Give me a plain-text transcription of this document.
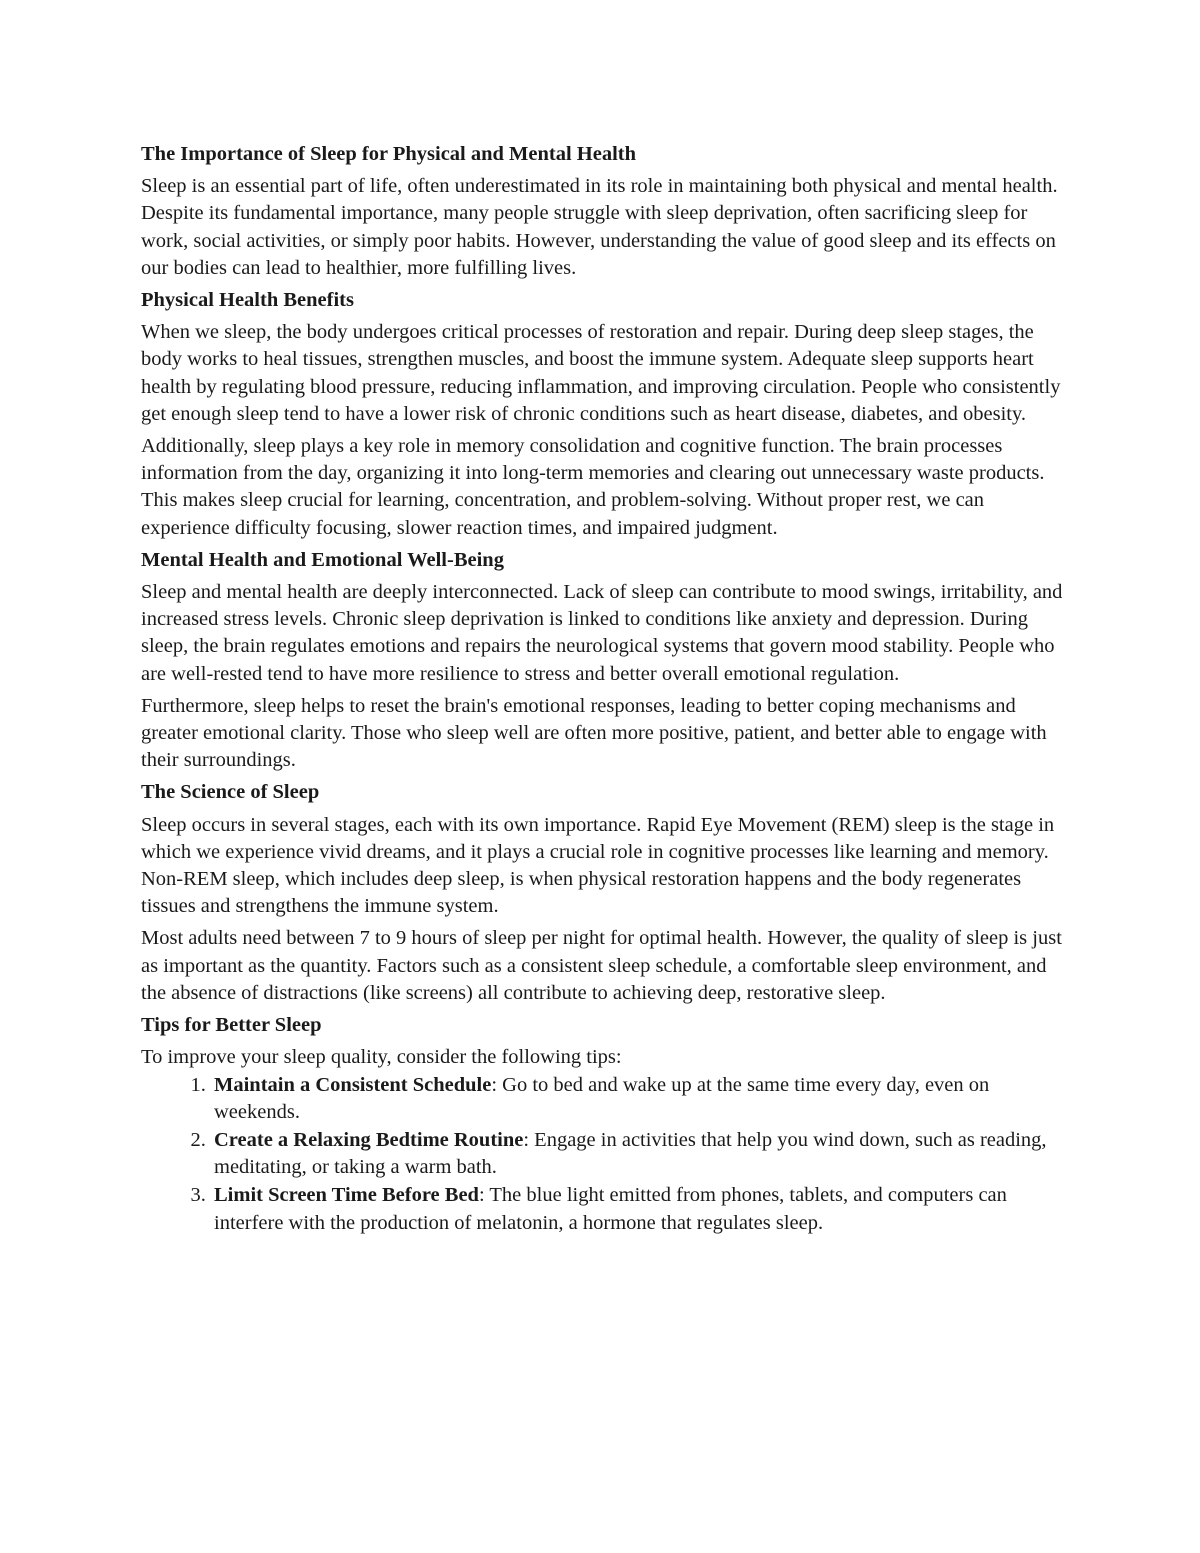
The Importance of Sleep for Physical and Mental Health

Sleep is an essential part of life, often underestimated in its role in maintaining both physical and mental health. Despite its fundamental importance, many people struggle with sleep deprivation, often sacrificing sleep for work, social activities, or simply poor habits. However, understanding the value of good sleep and its effects on our bodies can lead to healthier, more fulfilling lives.

Physical Health Benefits

When we sleep, the body undergoes critical processes of restoration and repair. During deep sleep stages, the body works to heal tissues, strengthen muscles, and boost the immune system. Adequate sleep supports heart health by regulating blood pressure, reducing inflammation, and improving circulation. People who consistently get enough sleep tend to have a lower risk of chronic conditions such as heart disease, diabetes, and obesity.

Additionally, sleep plays a key role in memory consolidation and cognitive function. The brain processes information from the day, organizing it into long-term memories and clearing out unnecessary waste products. This makes sleep crucial for learning, concentration, and problem-solving. Without proper rest, we can experience difficulty focusing, slower reaction times, and impaired judgment.

Mental Health and Emotional Well-Being

Sleep and mental health are deeply interconnected. Lack of sleep can contribute to mood swings, irritability, and increased stress levels. Chronic sleep deprivation is linked to conditions like anxiety and depression. During sleep, the brain regulates emotions and repairs the neurological systems that govern mood stability. People who are well-rested tend to have more resilience to stress and better overall emotional regulation.

Furthermore, sleep helps to reset the brain's emotional responses, leading to better coping mechanisms and greater emotional clarity. Those who sleep well are often more positive, patient, and better able to engage with their surroundings.

The Science of Sleep

Sleep occurs in several stages, each with its own importance. Rapid Eye Movement (REM) sleep is the stage in which we experience vivid dreams, and it plays a crucial role in cognitive processes like learning and memory. Non-REM sleep, which includes deep sleep, is when physical restoration happens and the body regenerates tissues and strengthens the immune system.

Most adults need between 7 to 9 hours of sleep per night for optimal health. However, the quality of sleep is just as important as the quantity. Factors such as a consistent sleep schedule, a comfortable sleep environment, and the absence of distractions (like screens) all contribute to achieving deep, restorative sleep.

Tips for Better Sleep

To improve your sleep quality, consider the following tips:

1. Maintain a Consistent Schedule: Go to bed and wake up at the same time every day, even on weekends.
2. Create a Relaxing Bedtime Routine: Engage in activities that help you wind down, such as reading, meditating, or taking a warm bath.
3. Limit Screen Time Before Bed: The blue light emitted from phones, tablets, and computers can interfere with the production of melatonin, a hormone that regulates sleep.
